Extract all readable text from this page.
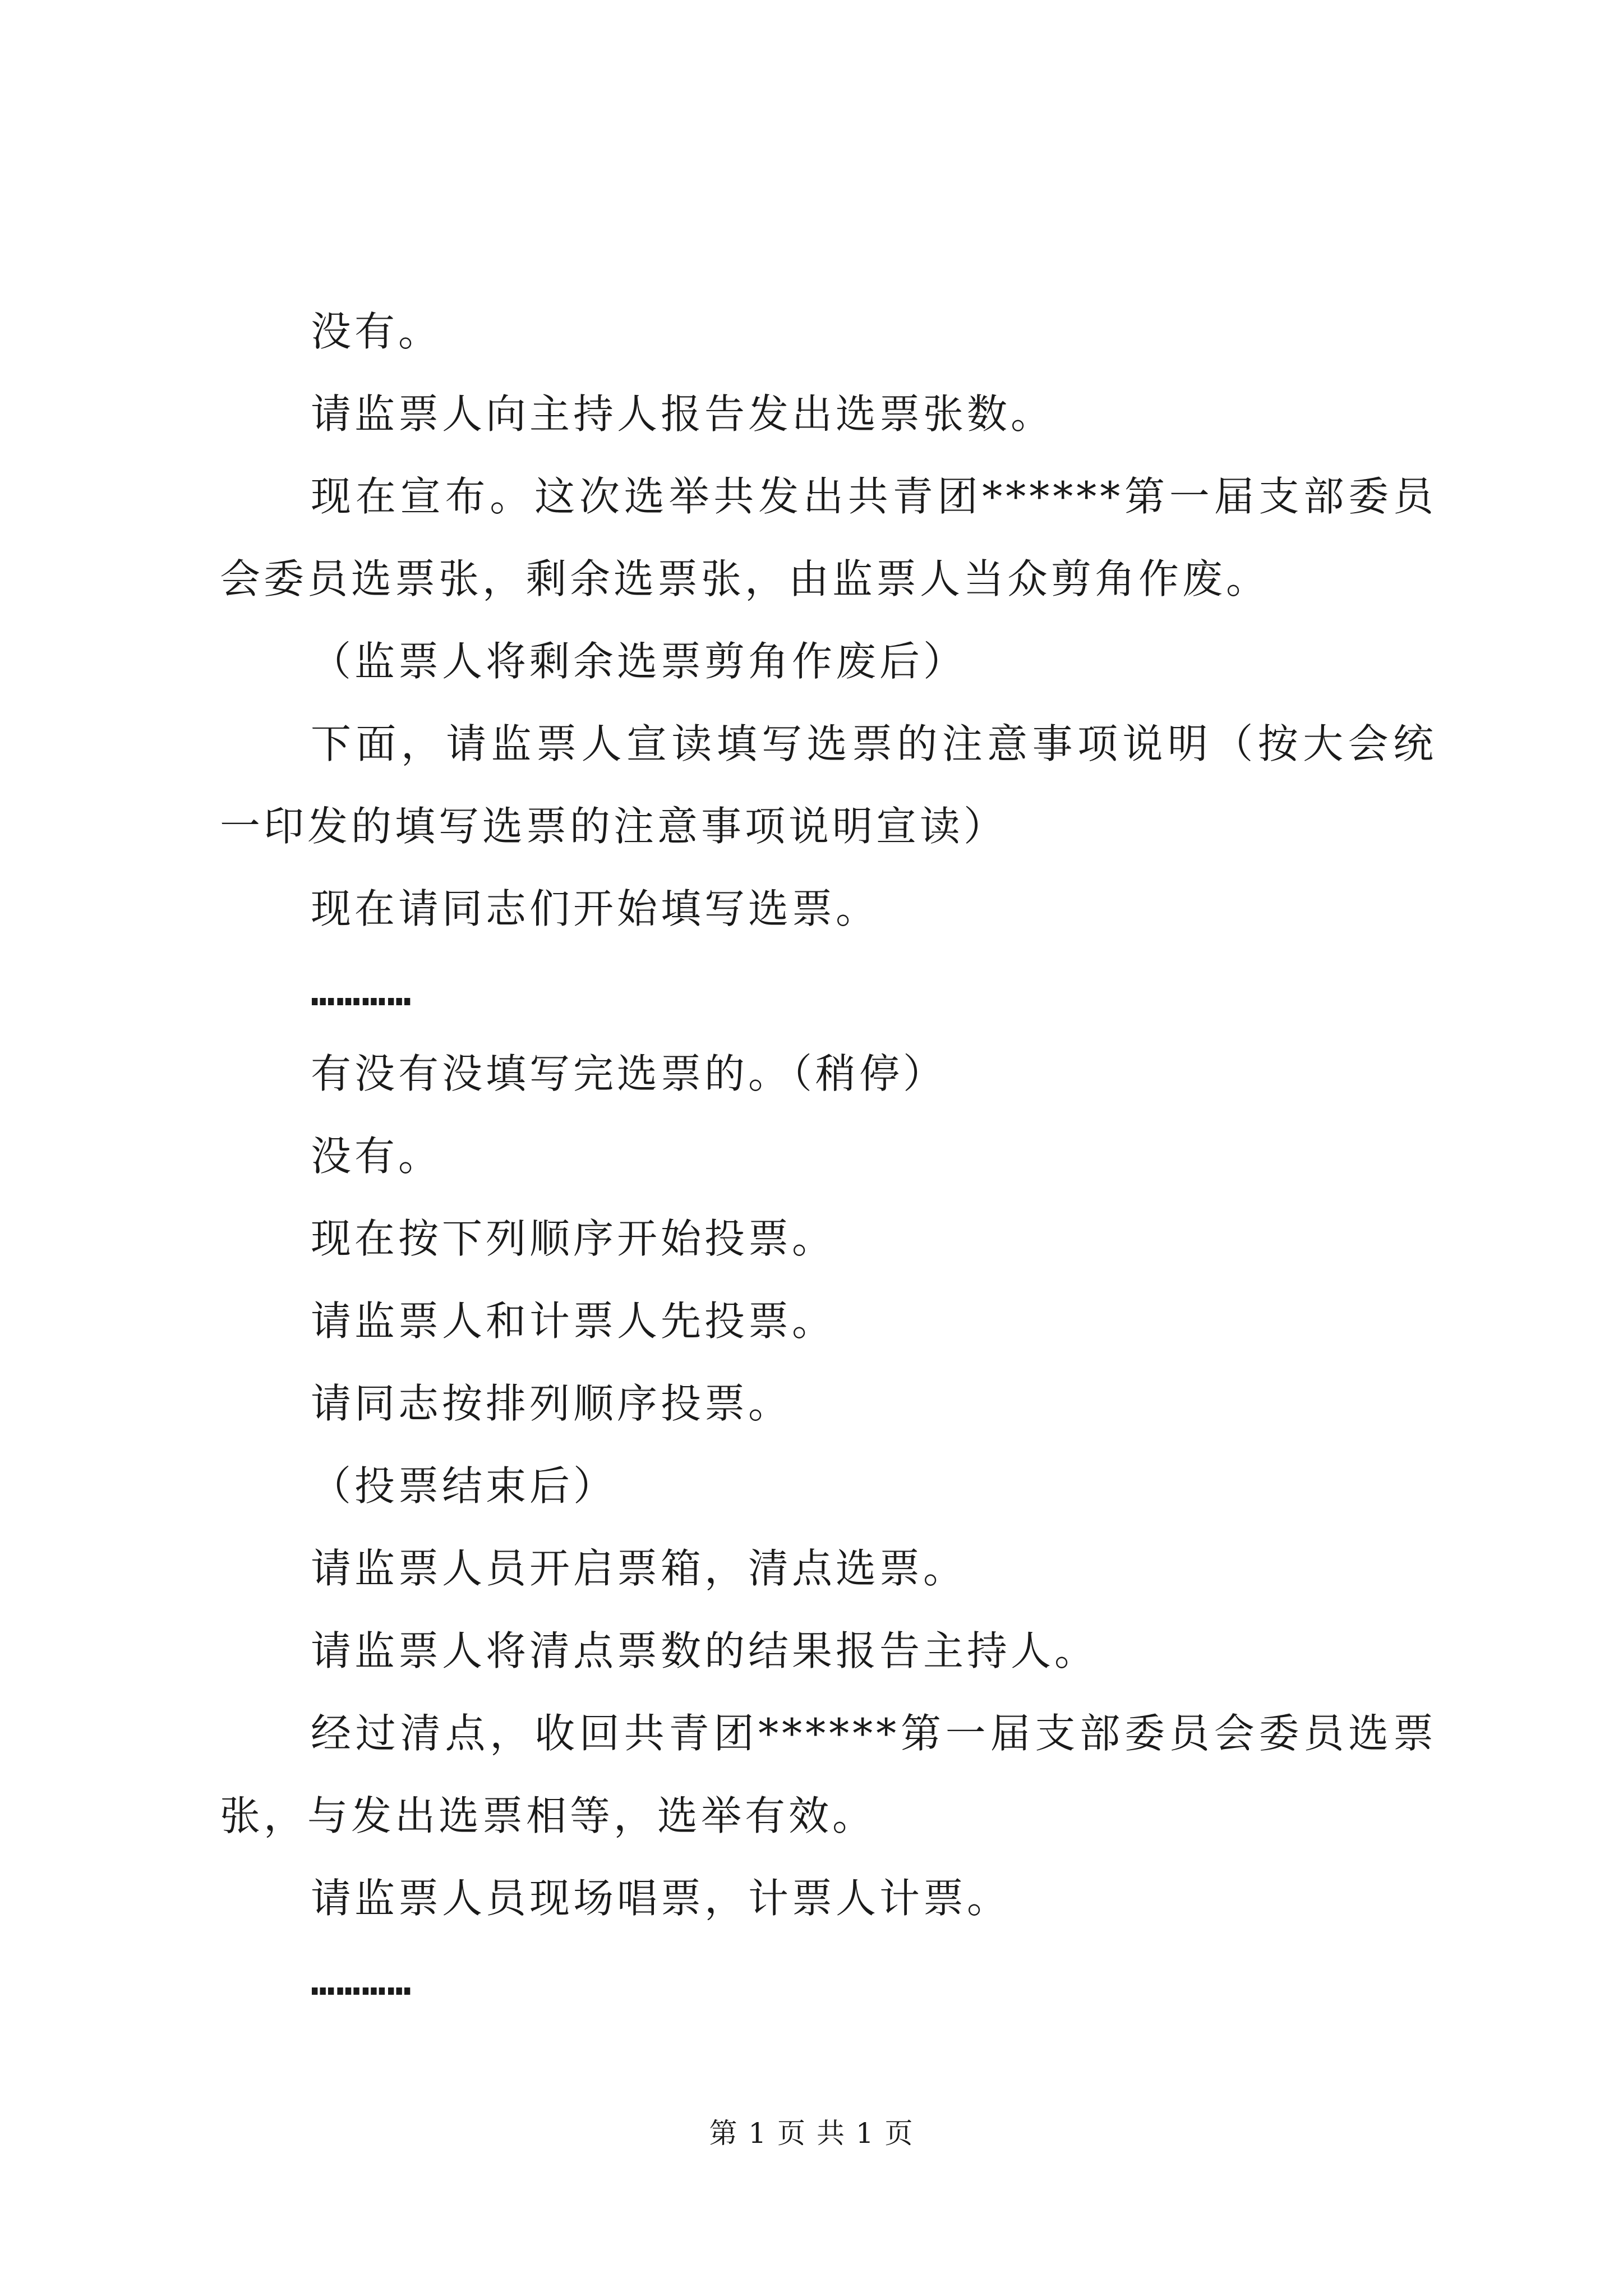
没有。

请监票人向主持人报告发出选票张数。

现在宣布。这次选举共发出共青团******第一届支部委员会委员选票张，剩余选票张，由监票人当众剪角作废。

（监票人将剩余选票剪角作废后）

下面，请监票人宣读填写选票的注意事项说明（按大会统一印发的填写选票的注意事项说明宣读）

现在请同志们开始填写选票。

…………

有没有没填写完选票的。（稍停）

没有。

现在按下列顺序开始投票。

请监票人和计票人先投票。

请同志按排列顺序投票。

（投票结束后）

请监票人员开启票箱，清点选票。

请监票人将清点票数的结果报告主持人。

经过清点，收回共青团******第一届支部委员会委员选票张，与发出选票相等，选举有效。

请监票人员现场唱票，计票人计票。

…………

第 1 页 共 1 页
